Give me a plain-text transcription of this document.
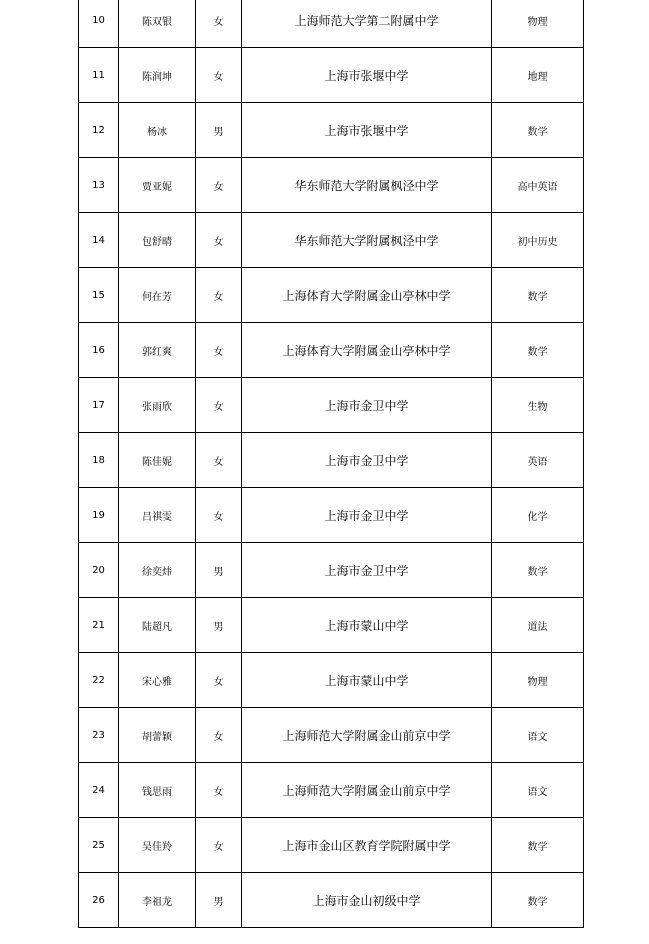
10	陈双银	女	上海师范大学第二附属中学	物理
11	陈润坤	女	上海市张堰中学	地理
12	杨冰	男	上海市张堰中学	数学
13	贾亚妮	女	华东师范大学附属枫泾中学	高中英语
14	包舒晴	女	华东师范大学附属枫泾中学	初中历史
15	何在芳	女	上海体育大学附属金山亭林中学	数学
16	郭红爽	女	上海体育大学附属金山亭林中学	数学
17	张雨欣	女	上海市金卫中学	生物
18	陈佳妮	女	上海市金卫中学	英语
19	吕祺雯	女	上海市金卫中学	化学
20	徐奕炜	男	上海市金卫中学	数学
21	陆超凡	男	上海市蒙山中学	道法
22	宋心雅	女	上海市蒙山中学	物理
23	胡蕾颖	女	上海师范大学附属金山前京中学	语文
24	钱思雨	女	上海师范大学附属金山前京中学	语文
25	吴佳羚	女	上海市金山区教育学院附属中学	数学
26	李祖龙	男	上海市金山初级中学	数学
